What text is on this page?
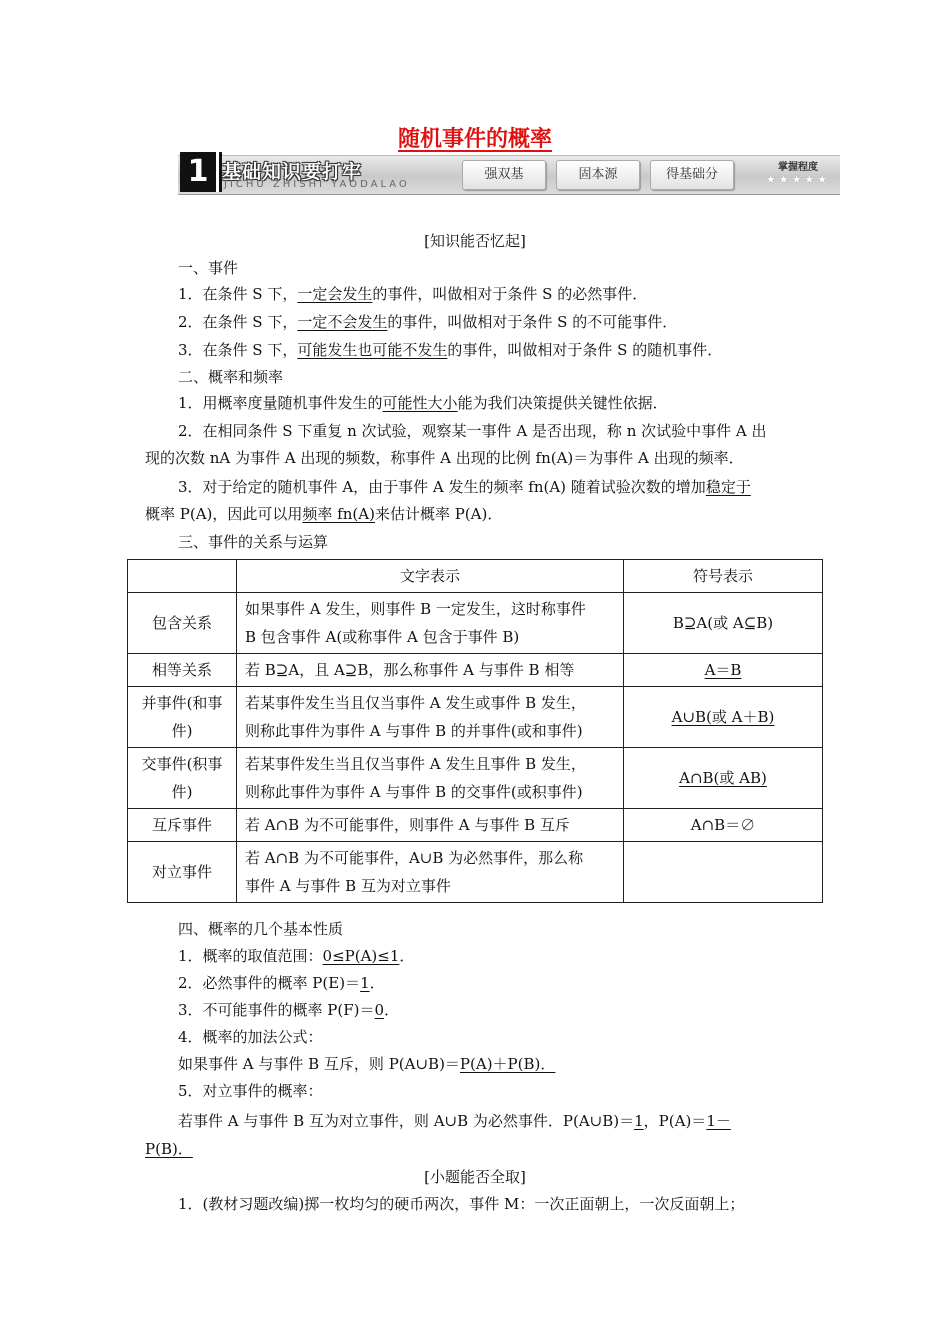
随机事件的概率
1 基础知识要打牢
JICHU ZHISHI YAODALAO
强双基	固本源	得基础分	掌握程度
★★★★★
[知识能否忆起]
一、事件
1．在条件 S 下，一定会发生的事件，叫做相对于条件 S 的必然事件．
2．在条件 S 下，一定不会发生的事件，叫做相对于条件 S 的不可能事件．
3．在条件 S 下，可能发生也可能不发生的事件，叫做相对于条件 S 的随机事件．
二、概率和频率
1．用概率度量随机事件发生的可能性大小能为我们决策提供关键性依据．
2．在相同条件 S 下重复 n 次试验，观察某一事件 A 是否出现，称 n 次试验中事件 A 出
现的次数 nA 为事件 A 出现的频数，称事件 A 出现的比例 fn(A)＝为事件 A 出现的频率．
3．对于给定的随机事件 A，由于事件 A 发生的频率 fn(A) 随着试验次数的增加稳定于
概率 P(A)，因此可以用频率 fn(A)来估计概率 P(A)．
三、事件的关系与运算
	文字表示	符号表示
包含关系	如果事件 A 发生，则事件 B 一定发生，这时称事件
B 包含事件 A(或称事件 A 包含于事件 B)	B⊇A(或 A⊆B)
相等关系	若 B⊇A，且 A⊇B，那么称事件 A 与事件 B 相等	A＝B
并事件(和事件)	若某事件发生当且仅当事件 A 发生或事件 B 发生，
则称此事件为事件 A 与事件 B 的并事件(或和事件)	A∪B(或 A＋B)
交事件(积事件)	若某事件发生当且仅当事件 A 发生且事件 B 发生，
则称此事件为事件 A 与事件 B 的交事件(或积事件)	A∩B(或 AB)
互斥事件	若 A∩B 为不可能事件，则事件 A 与事件 B 互斥	A∩B＝∅
对立事件	若 A∩B 为不可能事件，A∪B 为必然事件，那么称
事件 A 与事件 B 互为对立事件	

四、概率的几个基本性质
1．概率的取值范围：0≤P(A)≤1．
2．必然事件的概率 P(E)＝1．
3．不可能事件的概率 P(F)＝0．
4．概率的加法公式：
如果事件 A 与事件 B 互斥，则 P(A∪B)＝P(A)＋P(B)．
5．对立事件的概率：
若事件 A 与事件 B 互为对立事件，则 A∪B 为必然事件．P(A∪B)＝1，P(A)＝1－
P(B)．
[小题能否全取]
1．(教材习题改编)掷一枚均匀的硬币两次，事件 M：一次正面朝上，一次反面朝上；
